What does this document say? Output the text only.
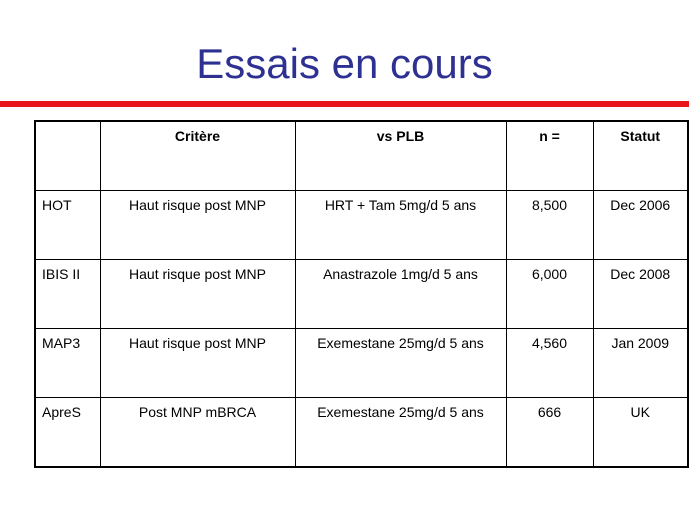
Essais en cours
	Critère	vs PLB	n =	Statut
HOT	Haut risque post MNP	HRT + Tam 5mg/d 5 ans	8,500	Dec 2006
IBIS II	Haut risque post MNP	Anastrazole 1mg/d 5 ans	6,000	Dec 2008
MAP3	Haut risque post MNP	Exemestane 25mg/d 5 ans	4,560	Jan 2009
ApreS	Post MNP mBRCA	Exemestane 25mg/d 5 ans	666	UK
